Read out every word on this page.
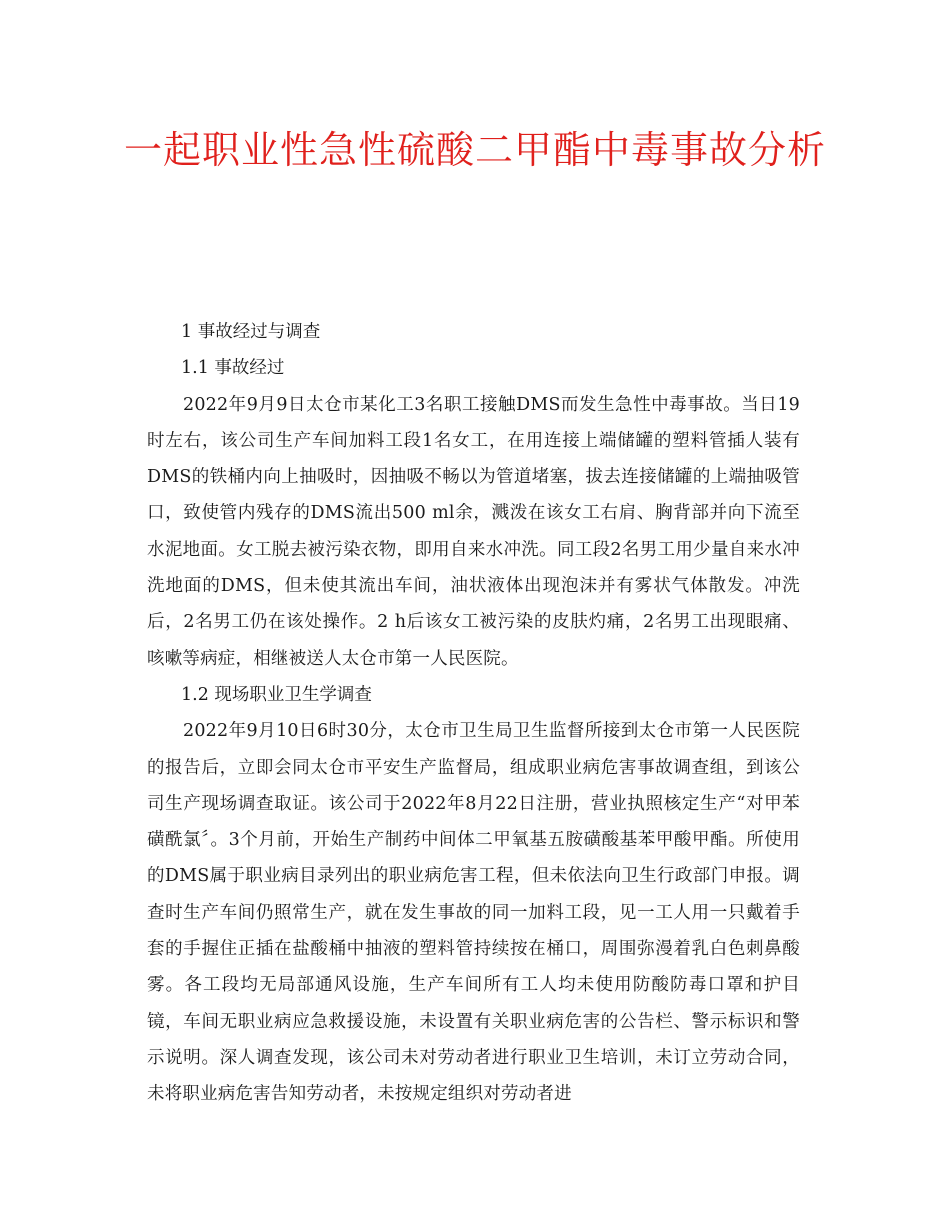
一起职业性急性硫酸二甲酯中毒事故分析

1 事故经过与调查

1.1 事故经过

2022年9月9日太仓市某化工3名职工接触DMS而发生急性中毒事故。当日19时左右，该公司生产车间加料工段1名女工，在用连接上端储罐的塑料管插人装有DMS的铁桶内向上抽吸时，因抽吸不畅以为管道堵塞，拔去连接储罐的上端抽吸管口，致使管内残存的DMS流出500 ml余，溅泼在该女工右肩、胸背部并向下流至水泥地面。女工脱去被污染衣物，即用自来水冲洗。同工段2名男工用少量自来水冲洗地面的DMS，但未使其流出车间，油状液体出现泡沫并有雾状气体散发。冲洗后，2名男工仍在该处操作。2 h后该女工被污染的皮肤灼痛，2名男工出现眼痛、咳嗽等病症，相继被送人太仓市第一人民医院。

1.2 现场职业卫生学调查

2022年9月10日6时30分，太仓市卫生局卫生监督所接到太仓市第一人民医院的报告后，立即会同太仓市平安生产监督局，组成职业病危害事故调查组，到该公司生产现场调查取证。该公司于2022年8月22日注册，营业执照核定生产“对甲苯磺酰氯〞。3个月前，开始生产制药中间体二甲氧基五胺磺酸基苯甲酸甲酯。所使用的DMS属于职业病目录列出的职业病危害工程，但未依法向卫生行政部门申报。调查时生产车间仍照常生产，就在发生事故的同一加料工段，见一工人用一只戴着手套的手握住正插在盐酸桶中抽液的塑料管持续按在桶口，周围弥漫着乳白色刺鼻酸雾。各工段均无局部通风设施，生产车间所有工人均未使用防酸防毒口罩和护目镜，车间无职业病应急救援设施，未设置有关职业病危害的公告栏、警示标识和警示说明。深人调查发现，该公司未对劳动者进行职业卫生培训，未订立劳动合同，未将职业病危害告知劳动者，未按规定组织对劳动者进
